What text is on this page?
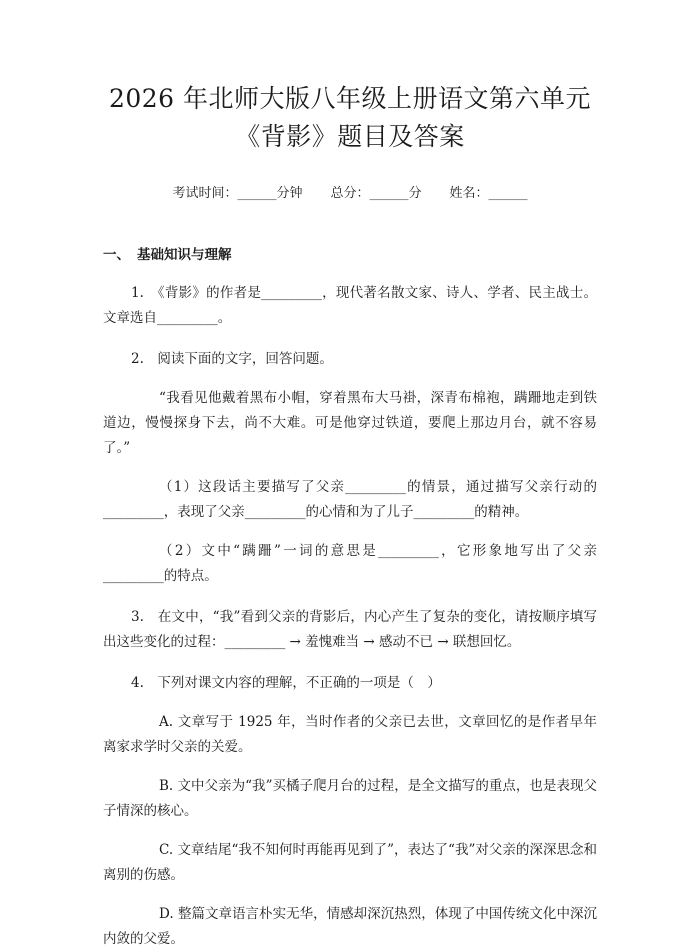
2026 年北师大版八年级上册语文第六单元
《背影》题目及答案
考试时间：______分钟 总分：______分 姓名：______
一、 基础知识与理解

1.　《背影》的作者是_________，现代著名散文家、诗人、学者、民主战士。文章选自_________。

2.　阅读下面的文字，回答问题。

“我看见他戴着黑布小帽，穿着黑布大马褂，深青布棉袍，蹒跚地走到铁道边，慢慢探身下去，尚不大难。可是他穿过铁道，要爬上那边月台，就不容易了。”

（1）这段话主要描写了父亲_________的情景，通过描写父亲行动的_________，表现了父亲_________的心情和为了儿子_________的精神。

（2）文中“蹒跚”一词的意思是_________，它形象地写出了父亲_________的特点。

3.　在文中，“我”看到父亲的背影后，内心产生了复杂的变化，请按顺序填写出这些变化的过程：_________ → 羞愧难当 → 感动不已 → 联想回忆。

4.　下列对课文内容的理解，不正确的一项是（　）

A. 文章写于 1925 年，当时作者的父亲已去世，文章回忆的是作者早年离家求学时父亲的关爱。

B. 文中父亲为“我”买橘子爬月台的过程，是全文描写的重点，也是表现父子情深的核心。

C. 文章结尾“我不知何时再能再见到了”，表达了“我”对父亲的深深思念和离别的伤感。

D. 整篇文章语言朴实无华，情感却深沉热烈，体现了中国传统文化中深沉内敛的父爱。
